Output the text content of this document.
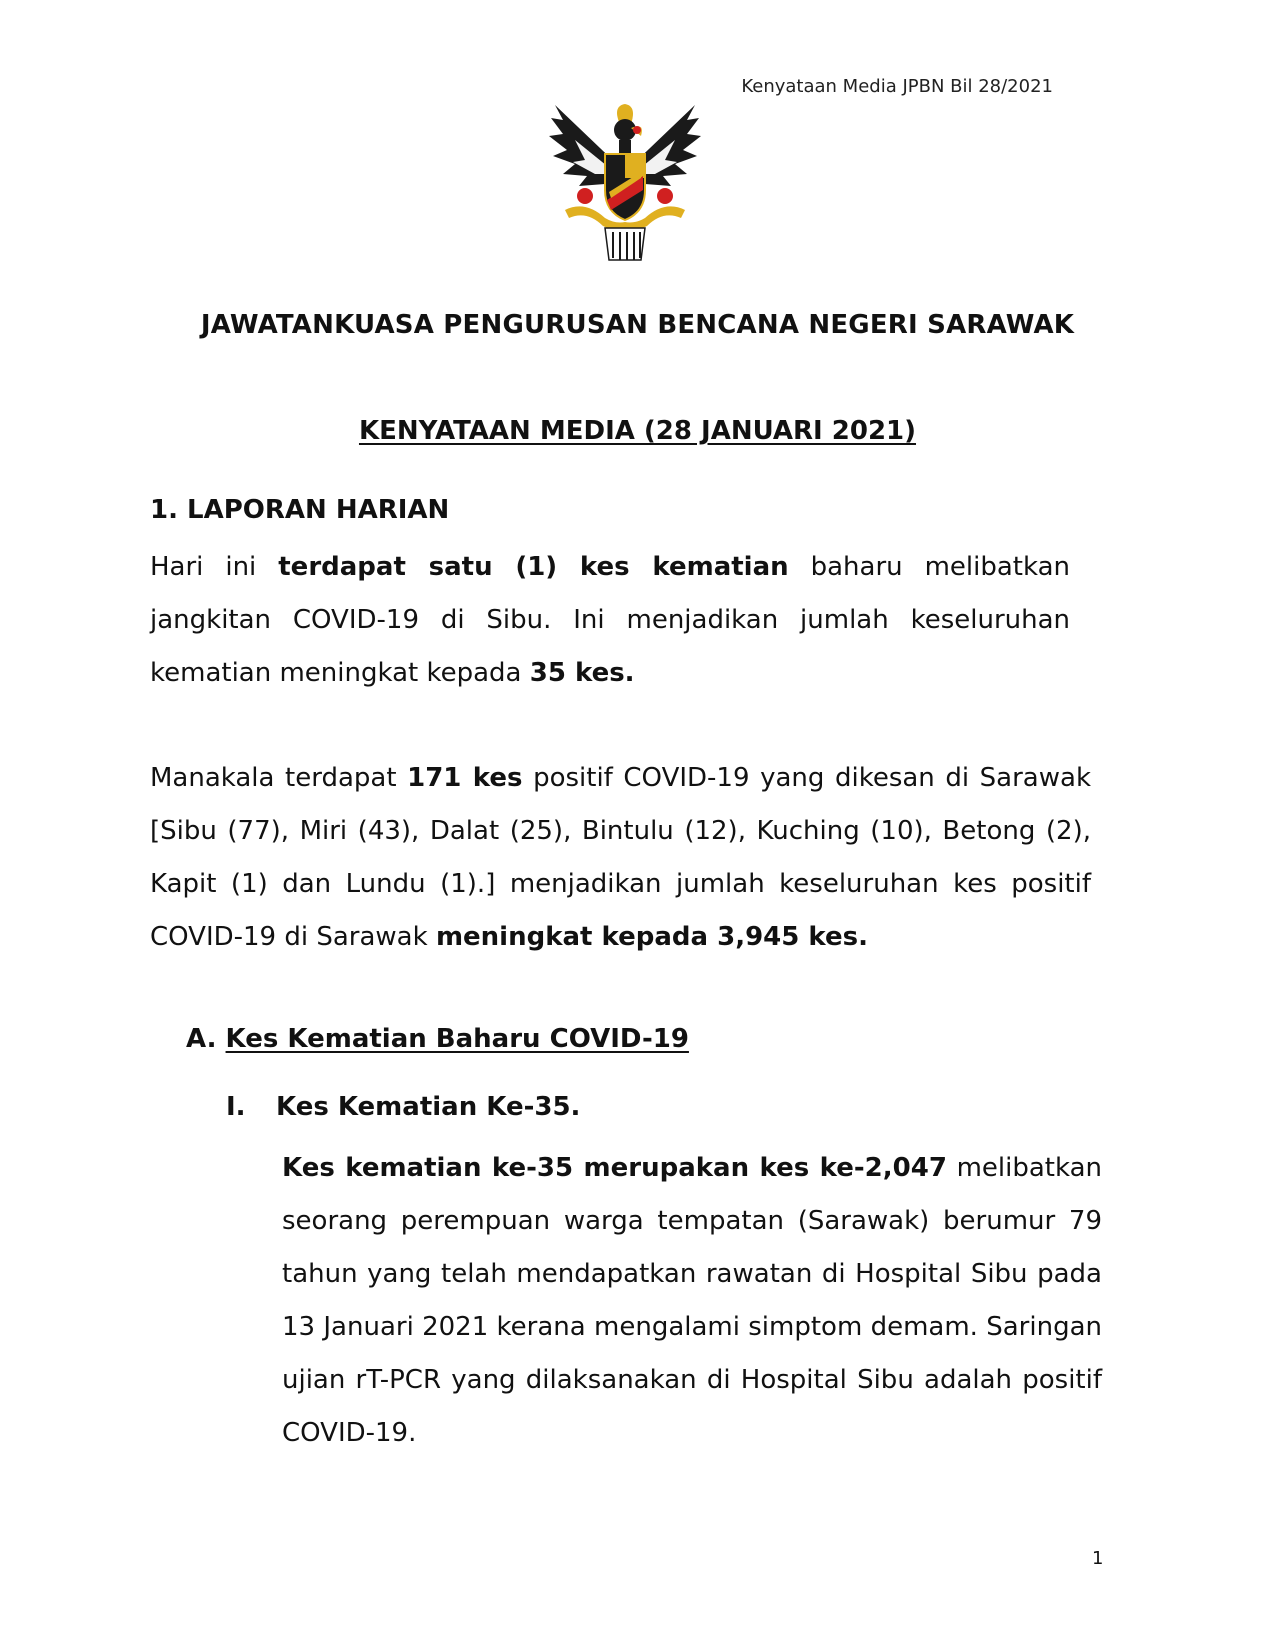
Kenyataan Media JPBN Bil 28/2021
JAWATANKUASA PENGURUSAN BENCANA NEGERI SARAWAK
KENYATAAN MEDIA (28 JANUARI 2021)
1. LAPORAN HARIAN

Hari ini terdapat satu (1) kes kematian baharu melibatkan jangkitan COVID-19 di Sibu. Ini menjadikan jumlah keseluruhan kematian meningkat kepada 35 kes.

Manakala terdapat 171 kes positif COVID-19 yang dikesan di Sarawak [Sibu (77), Miri (43), Dalat (25), Bintulu (12), Kuching (10), Betong (2), Kapit (1) dan Lundu (1).] menjadikan jumlah keseluruhan kes positif COVID-19 di Sarawak meningkat kepada 3,945 kes.

A. Kes Kematian Baharu COVID-19
I. Kes Kematian Ke-35.

Kes kematian ke-35 merupakan kes ke-2,047 melibatkan seorang perempuan warga tempatan (Sarawak) berumur 79 tahun yang telah mendapatkan rawatan di Hospital Sibu pada 13 Januari 2021 kerana mengalami simptom demam. Saringan ujian rT-PCR yang dilaksanakan di Hospital Sibu adalah positif COVID-19.

1
